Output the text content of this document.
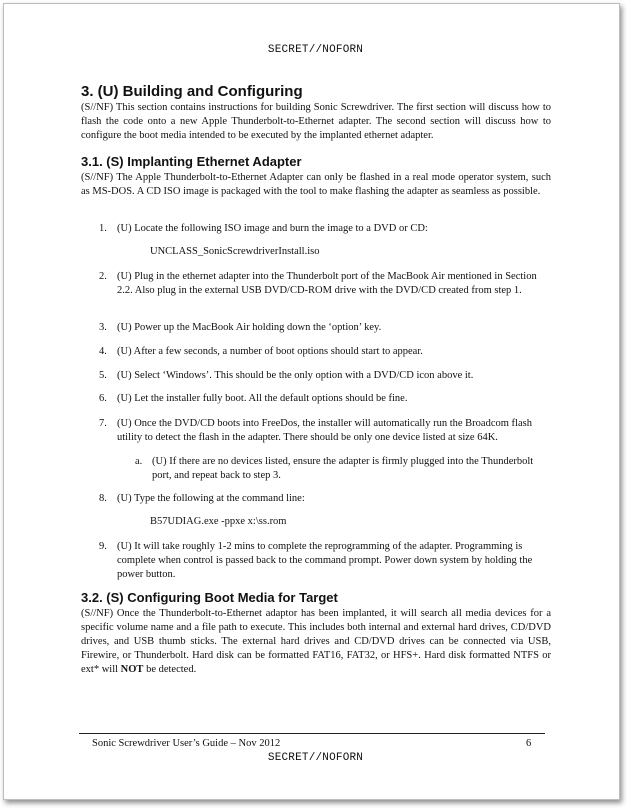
SECRET//NOFORN
3. (U) Building and Configuring
(S//NF) This section contains instructions for building Sonic Screwdriver. The first section will discuss how to flash the code onto a new Apple Thunderbolt-to-Ethernet adapter. The second section will discuss how to configure the boot media intended to be executed by the implanted ethernet adapter.
3.1. (S) Implanting Ethernet Adapter
(S//NF) The Apple Thunderbolt-to-Ethernet Adapter can only be flashed in a real mode operator system, such as MS-DOS. A CD ISO image is packaged with the tool to make flashing the adapter as seamless as possible.
1. (U) Locate the following ISO image and burn the image to a DVD or CD:
UNCLASS_SonicScrewdriverInstall.iso
2. (U) Plug in the ethernet adapter into the Thunderbolt port of the MacBook Air mentioned in Section 2.2. Also plug in the external USB DVD/CD-ROM drive with the DVD/CD created from step 1.
3. (U) Power up the MacBook Air holding down the ‘option’ key.
4. (U) After a few seconds, a number of boot options should start to appear.
5. (U) Select ‘Windows’. This should be the only option with a DVD/CD icon above it.
6. (U) Let the installer fully boot. All the default options should be fine.
7. (U) Once the DVD/CD boots into FreeDos, the installer will automatically run the Broadcom flash utility to detect the flash in the adapter. There should be only one device listed at size 64K.
a. (U) If there are no devices listed, ensure the adapter is firmly plugged into the Thunderbolt port, and repeat back to step 3.
8. (U) Type the following at the command line:
B57UDIAG.exe -ppxe x:\ss.rom
9. (U) It will take roughly 1-2 mins to complete the reprogramming of the adapter. Programming is complete when control is passed back to the command prompt. Power down system by holding the power button.
3.2. (S) Configuring Boot Media for Target
(S//NF) Once the Thunderbolt-to-Ethernet adaptor has been implanted, it will search all media devices for a specific volume name and a file path to execute. This includes both internal and external hard drives, CD/DVD drives, and USB thumb sticks. The external hard drives and CD/DVD drives can be connected via USB, Firewire, or Thunderbolt. Hard disk can be formatted FAT16, FAT32, or HFS+. Hard disk formatted NTFS or ext* will NOT be detected.
Sonic Screwdriver User’s Guide – Nov 2012	6
SECRET//NOFORN
